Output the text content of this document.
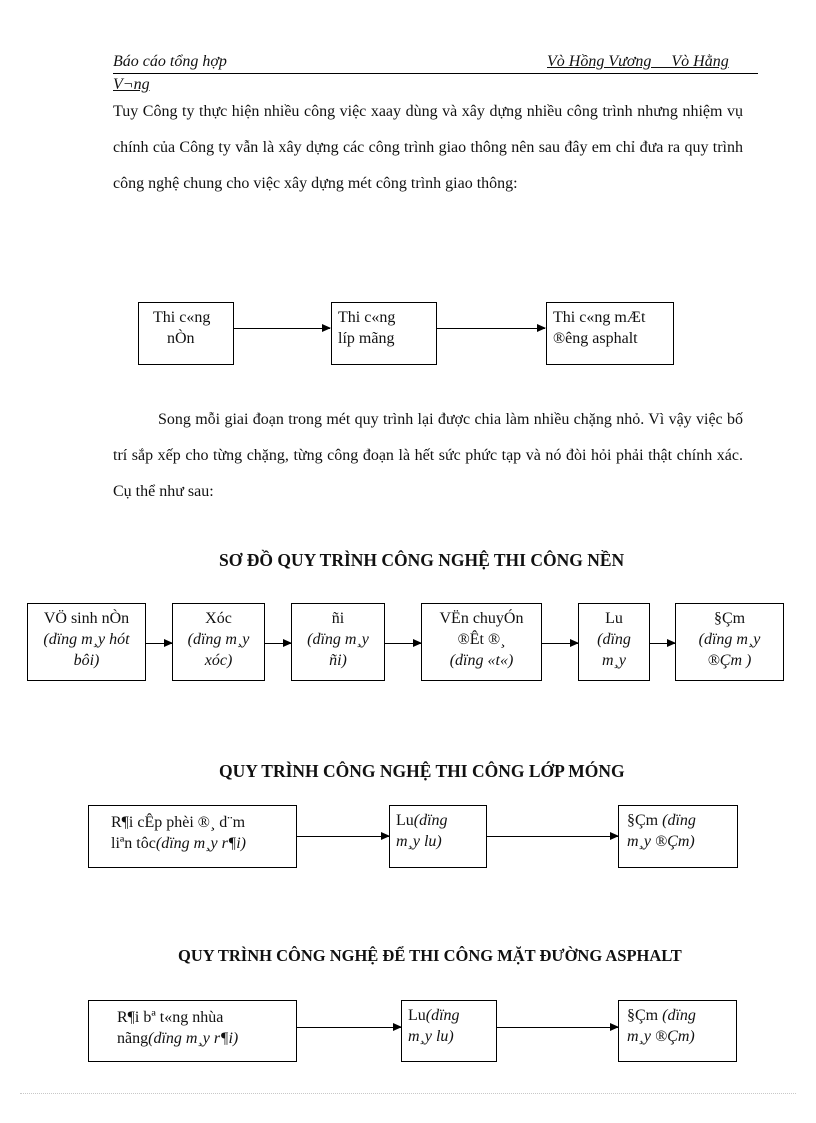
Báo cáo tổng hợp	Vò Hồng Vương     Vò Hằng
V¬ng
Tuy Công ty thực hiện nhiều công việc xaay dùng và xây dựng nhiều công trình nhưng nhiệm vụ chính của Công ty vẫn là xây dựng các công trình giao thông nên sau đây em chỉ đưa ra quy trình công nghệ chung cho việc xây dựng mét công trình giao thông:
Thi c«ng
nÒn
Thi c«ng
líp mãng
Thi c«ng mÆt
®êng asphalt
Song mỗi giai đoạn trong mét quy trình lại được chia làm nhiều chặng nhỏ. Vì vậy việc bố trí sắp xếp cho từng chặng, từng công đoạn là hết sức phức tạp và nó đòi hỏi phải thật chính xác. Cụ thể như sau:
SƠ ĐỒ QUY TRÌNH CÔNG NGHỆ THI CÔNG NỀN
VÖ sinh nÒn
(dïng m¸y hót
bôi)
Xóc
(dïng m¸y
xóc)
ñi
(dïng m¸y
ñi)
VËn chuyÓn
®Êt ®¸
(dïng «t«)
Lu
(dïng
m¸y
§Çm
(dïng m¸y
®Çm )
QUY TRÌNH CÔNG NGHỆ THI CÔNG LỚP MÓNG
R¶i cÊp phèi ®¸ d¨m
liªn tôc(dïng m¸y r¶i)
Lu(dïng
m¸y lu)
§Çm (dïng
m¸y ®Çm)
QUY TRÌNH CÔNG NGHỆ ĐỂ THI CÔNG MẶT ĐƯỜNG ASPHALT
R¶i bª t«ng nhùa
nãng(dïng m¸y r¶i)
Lu(dïng
m¸y lu)
§Çm (dïng
m¸y ®Çm)
